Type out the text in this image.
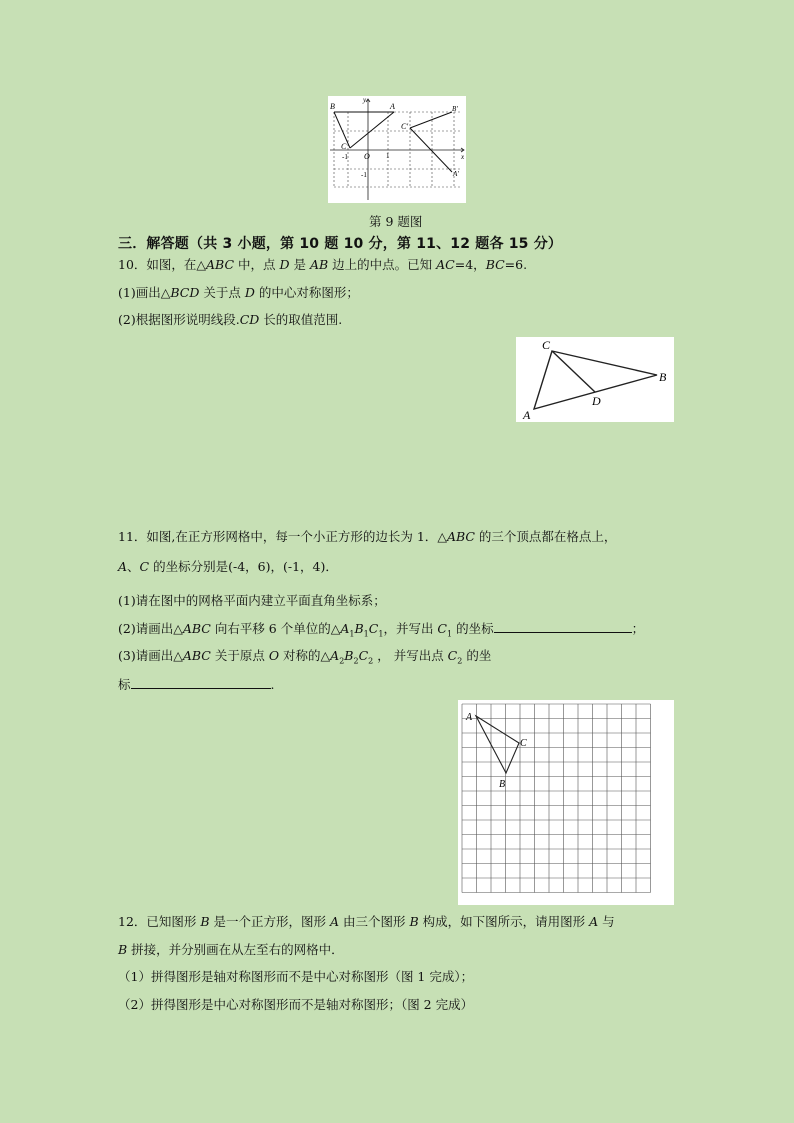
B	A
C
B′
C′
A′
y
x
O
-1	1
-1
第 9 题图
三．解答题（共 3 小题，第 10 题 10 分，第 11、12 题各 15 分）
10．如图，在△ABC 中，点 D 是 AB 边上的中点。已知 AC=4，BC=6.
(1)画出△BCD 关于点 D 的中心对称图形；
(2)根据图形说明线段.CD 长的取值范围.
C
B
D
A
11．如图,在正方形网格中，每一个小正方形的边长为 1．△ABC 的三个顶点都在格点上，
A、C 的坐标分别是(-4，6)，(-1，4)．
(1)请在图中的网格平面内建立平面直角坐标系；
(2)请画出△ABC 向右平移 6 个单位的$\triangle A_1B_1C_1$，并写出 $C_1$ 的坐标	；
(3)请画出△ABC 关于原点 O 对称的$\triangle A_2B_2C_2$ ， 并写出点 $C_2$ 的坐
标	.
A
C
B
12．已知图形 B 是一个正方形，图形 A 由三个图形 B 构成，如下图所示，请用图形 A 与
B 拼接，并分别画在从左至右的网格中．
（1）拼得图形是轴对称图形而不是中心对称图形（图 1 完成）；
（2）拼得图形是中心对称图形而不是轴对称图形；（图 2 完成）
